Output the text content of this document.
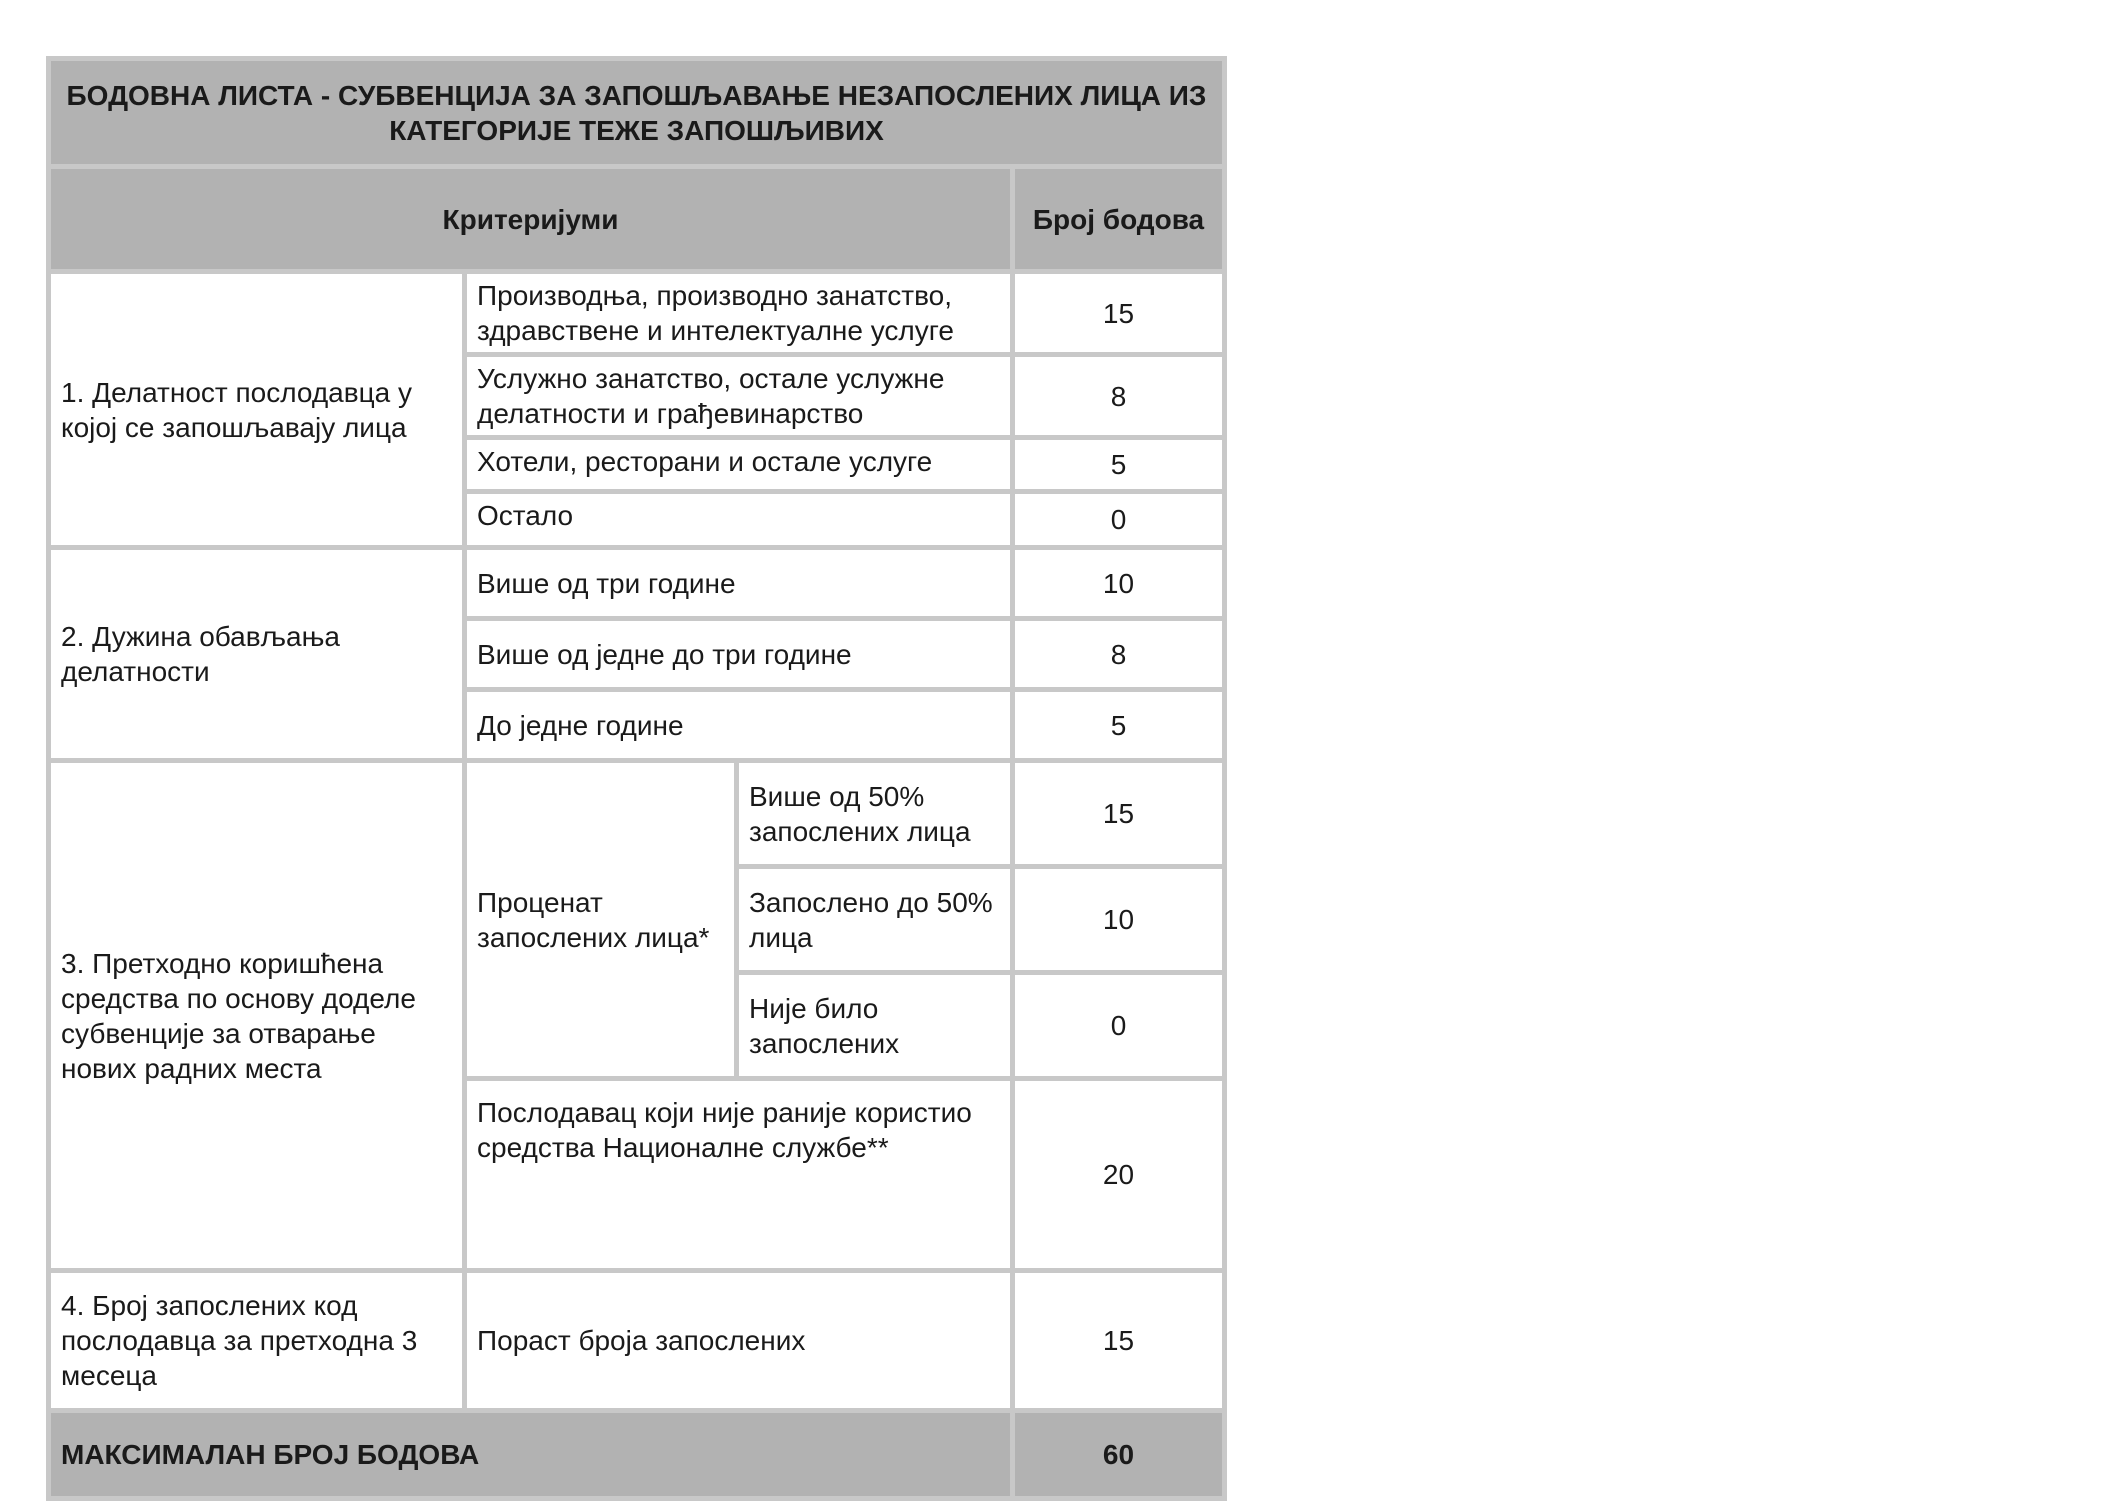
БОДОВНА ЛИСТА - СУБВЕНЦИЈА ЗА ЗАПОШЉАВАЊЕ НЕЗАПОСЛЕНИХ ЛИЦА ИЗ КАТЕГОРИЈЕ ТЕЖЕ ЗАПОШЉИВИХ			
Критеријуми			Број бодова
1. Делатност послодавца у којој се запошљавају лица	Производња, производно занатство, здравствене и интелектуалне услуге		15
	Услужно занатство, остале услужне делатности и грађевинарство		8
	Хотели, ресторани и остале услуге		5
	Остало		0
2. Дужина обављања делатности	Више од три године		10
	Више од једне до три године		8
	До једне године		5
3. Претходно коришћена средства по основу доделе субвенције за отварање нових радних места	Проценат запослених лица*	Више од 50% запослених лица	15
		Запослено до 50% лица	10
		Није било запослених	0
	Послодавац који није раније користио средства Националне службе**		20
4. Број запослених код послодавца за претходна 3 месеца	Пораст броја запослених		15
МАКСИМАЛАН БРОЈ БОДОВА			60
